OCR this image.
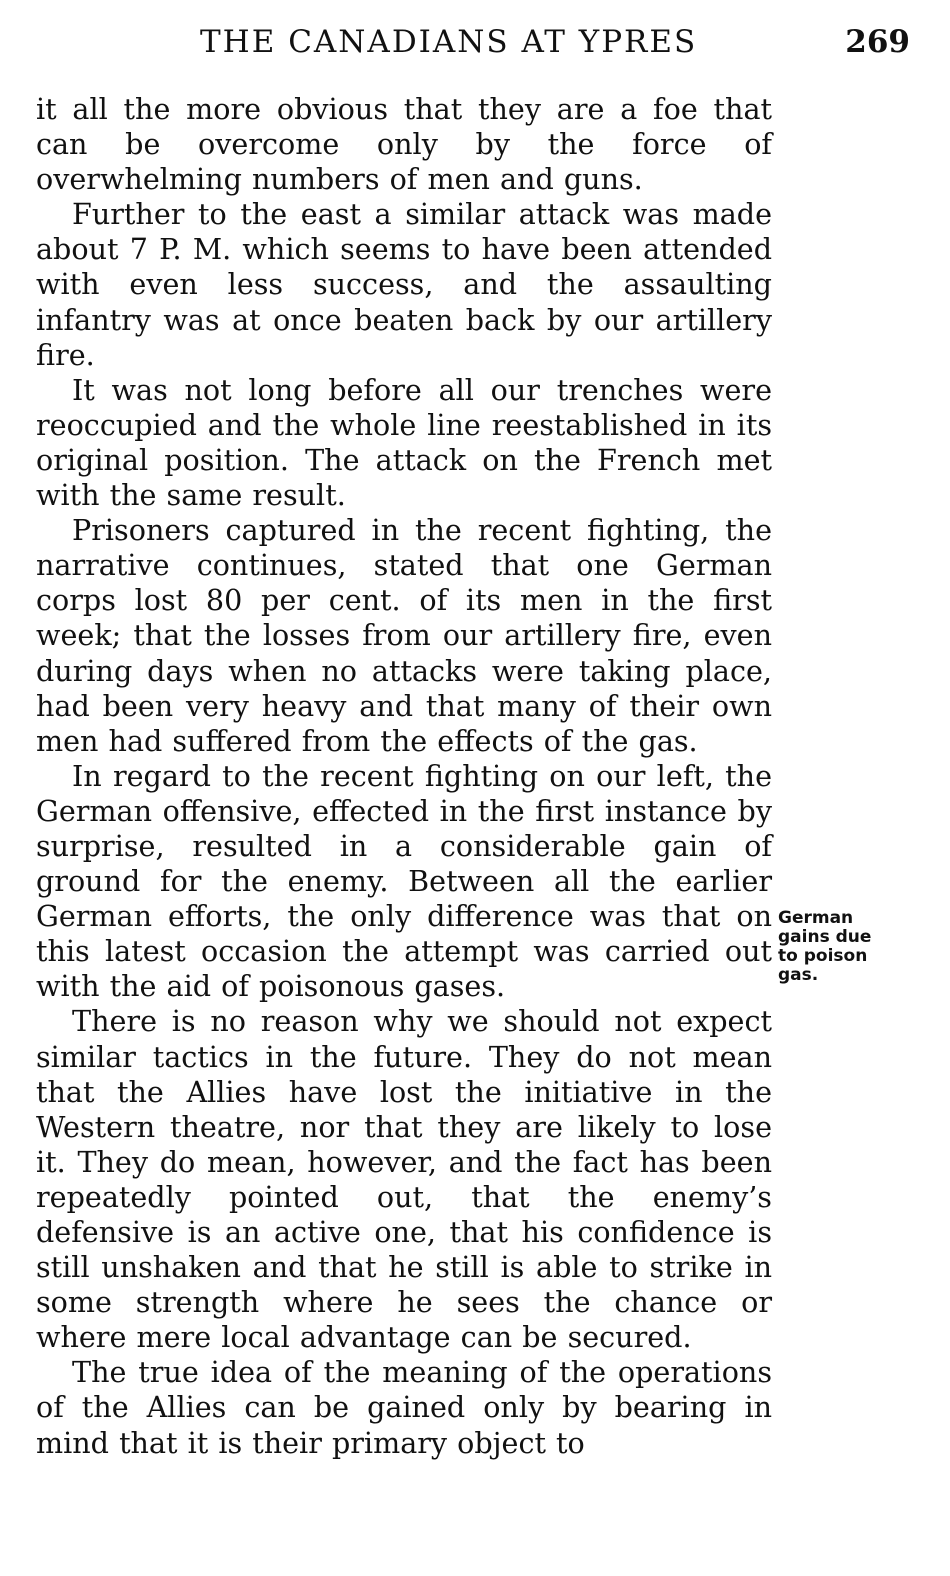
THE CANADIANS AT YPRES	269

it all the more obvious that they are a foe that can be overcome only by the force of overwhelming numbers of men and guns.

Further to the east a similar attack was made about 7 P. M. which seems to have been attended with even less success, and the assaulting infantry was at once beaten back by our artillery fire.

It was not long before all our trenches were reoccupied and the whole line reestablished in its original position. The attack on the French met with the same result.

Prisoners captured in the recent fighting, the narrative continues, stated that one German corps lost 80 per cent. of its men in the first week; that the losses from our artillery fire, even during days when no attacks were taking place, had been very heavy and that many of their own men had suffered from the effects of the gas.

In regard to the recent fighting on our left, the German offensive, effected in the first instance by surprise, resulted in a considerable gain of ground for the enemy. Between all the earlier German efforts, the only difference was that on this latest occasion the attempt was carried out with the aid of poisonous gases.

There is no reason why we should not expect similar tactics in the future. They do not mean that the Allies have lost the initiative in the Western theatre, nor that they are likely to lose it. They do mean, however, and the fact has been repeatedly pointed out, that the enemy’s defensive is an active one, that his confidence is still unshaken and that he still is able to strike in some strength where he sees the chance or where mere local advantage can be secured.

The true idea of the meaning of the operations of the Allies can be gained only by bearing in mind that it is their primary object to

German
gains due
to poison
gas.
